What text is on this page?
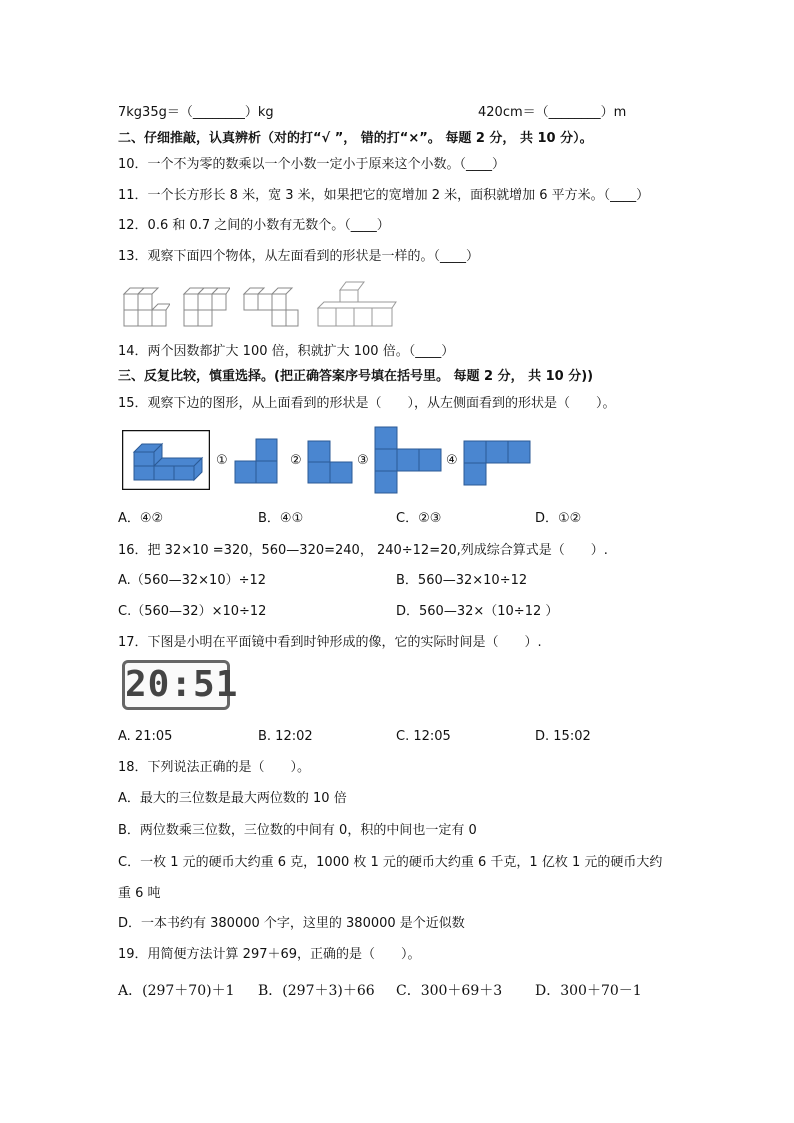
7kg35g＝（________）kg	420cm＝（________）m
二、仔细推敲，认真辨析（对的打“√ ”， 错的打“×”。 每题 2 分， 共 10 分）。
10．一个不为零的数乘以一个小数一定小于原来这个小数。（____）
11．一个长方形长 8 米，宽 3 米，如果把它的宽增加 2 米，面积就增加 6 平方米。（____）
12．0.6 和 0.7 之间的小数有无数个。（____）
13．观察下面四个物体，从左面看到的形状是一样的。（____）
14．两个因数都扩大 100 倍，积就扩大 100 倍。（____）
三、反复比较，慎重选择。(把正确答案序号填在括号里。 每题 2 分， 共 10 分))
15．观察下边的图形，从上面看到的形状是（　　），从左侧面看到的形状是（　　）。
①	②	③	④
A．④②	B．④①	C．②③	D．①②
16．把 32×10 =320，560—320=240， 240÷12=20,列成综合算式是（　　）.
A.（560—32×10）÷12	B．560—32×10÷12
C.（560—32）×10÷12	D．560—32×（10÷12 ）
17．下图是小明在平面镜中看到时钟形成的像，它的实际时间是（　　）.
20:51
A. 21:05	B. 12:02	C. 12:05	D. 15:02
18．下列说法正确的是（　　）。
A．最大的三位数是最大两位数的 10 倍
B．两位数乘三位数，三位数的中间有 0，积的中间也一定有 0
C．一枚 1 元的硬币大约重 6 克，1000 枚 1 元的硬币大约重 6 千克，1 亿枚 1 元的硬币大约
重 6 吨
D．一本书约有 380000 个字，这里的 380000 是个近似数
19．用简便方法计算 297＋69，正确的是（　　）。
A．(297＋70)＋1 B．(297＋3)＋66 C．300＋69＋3 D．300＋70－1
